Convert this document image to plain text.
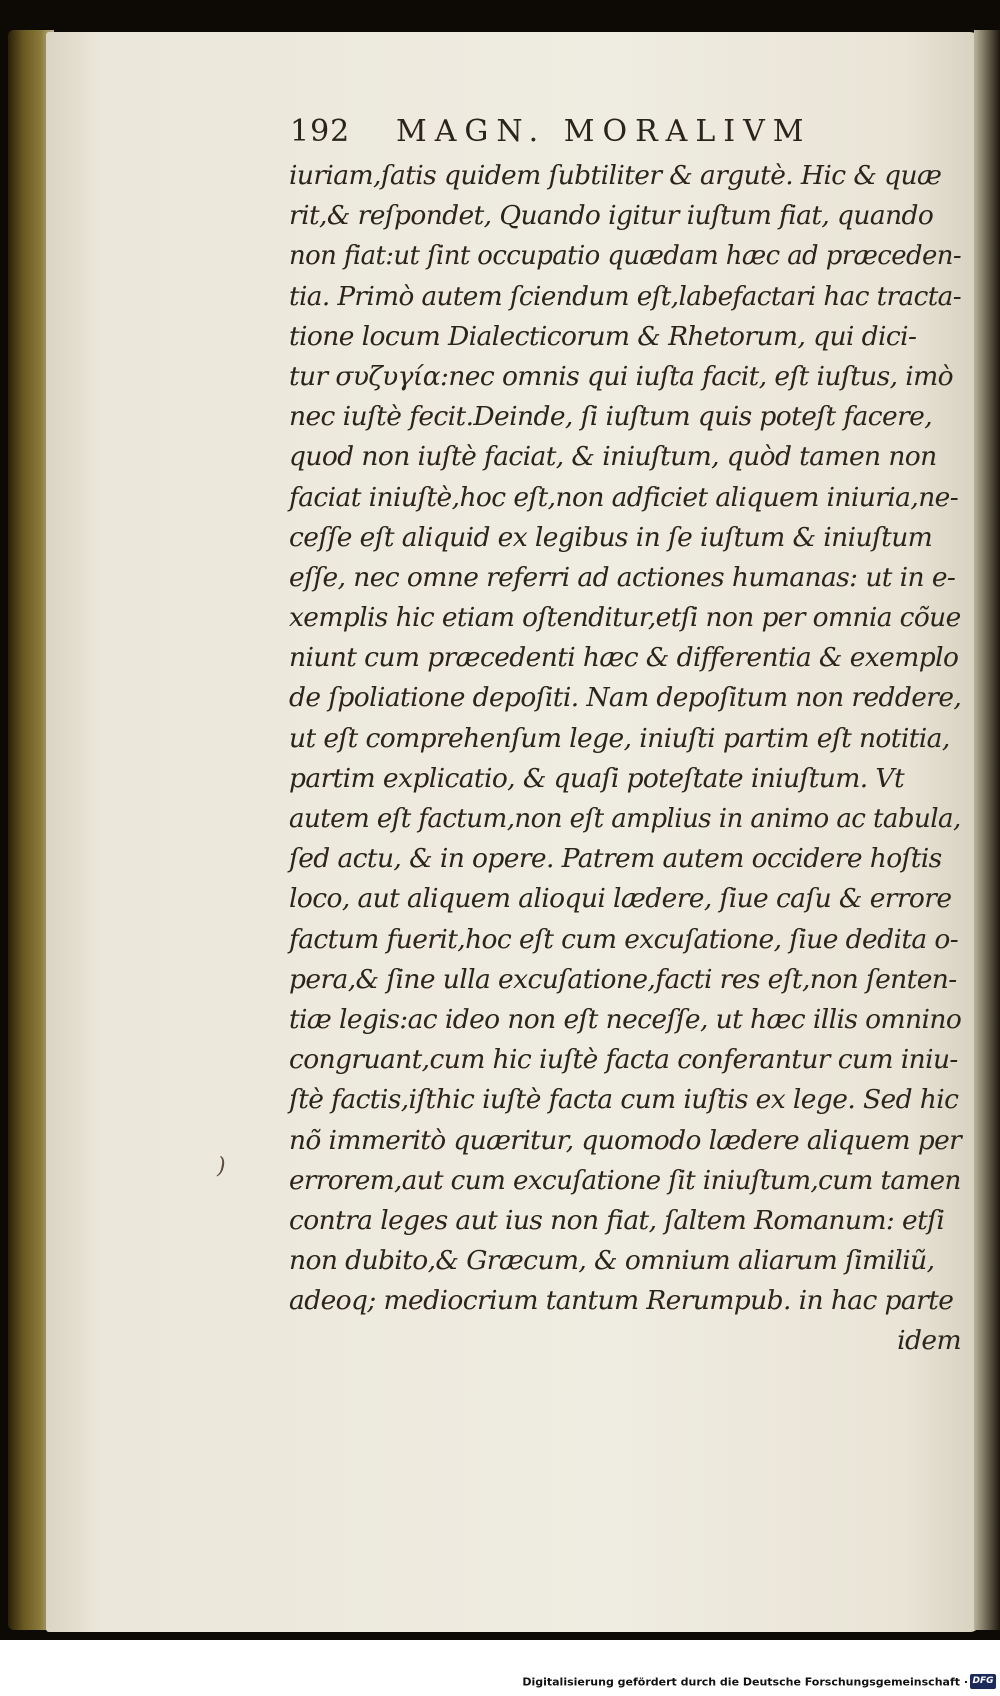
192 MAGN. MORALIVM
iuriam,ſatis quidem ſubtiliter & argutè. Hic & quæ
rit,& reſpondet, Quando igitur iuſtum fiat, quando
non fiat:ut ſint occupatio quædam hæc ad præceden-
tia. Primò autem ſciendum eſt,labefactari hac tracta-
tione locum Dialecticorum & Rhetorum, qui dici-
tur συζυγία:nec omnis qui iuſta facit, eſt iuſtus, imò
nec iuſtè fecit.Deinde, ſi iuſtum quis poteſt facere,
quod non iuſtè faciat, & iniuſtum, quòd tamen non
faciat iniuſtè,hoc eſt,non adficiet aliquem iniuria,ne-
ceſſe eſt aliquid ex legibus in ſe iuſtum & iniuſtum
eſſe, nec omne referri ad actiones humanas: ut in e-
xemplis hic etiam oſtenditur,etſi non per omnia cõue
niunt cum præcedenti hæc & differentia & exemplo
de ſpoliatione depoſiti. Nam depoſitum non reddere,
ut eſt comprehenſum lege, iniuſti partim eſt notitia,
partim explicatio, & quaſi poteſtate iniuſtum. Vt
autem eſt factum,non eſt amplius in animo ac tabula,
ſed actu, & in opere. Patrem autem occidere hoſtis
loco, aut aliquem alioqui lædere, ſiue caſu & errore
factum fuerit,hoc eſt cum excuſatione, ſiue dedita o-
pera,& ſine ulla excuſatione,facti res eſt,non ſenten-
tiæ legis:ac ideo non eſt neceſſe, ut hæc illis omnino
congruant,cum hic iuſtè facta conferantur cum iniu-
ſtè factis,iſthic iuſtè facta cum iuſtis ex lege. Sed hic
nõ immeritò quæritur, quomodo lædere aliquem per
errorem,aut cum excuſatione ſit iniuſtum,cum tamen
contra leges aut ius non fiat, ſaltem Romanum: etſi
non dubito,& Græcum, & omnium aliarum ſimiliũ,
adeoq; mediocrium tantum Rerumpub. in hac parte
idem
)
Digitalisierung gefördert durch die Deutsche Forschungsgemeinschaft · DFG
